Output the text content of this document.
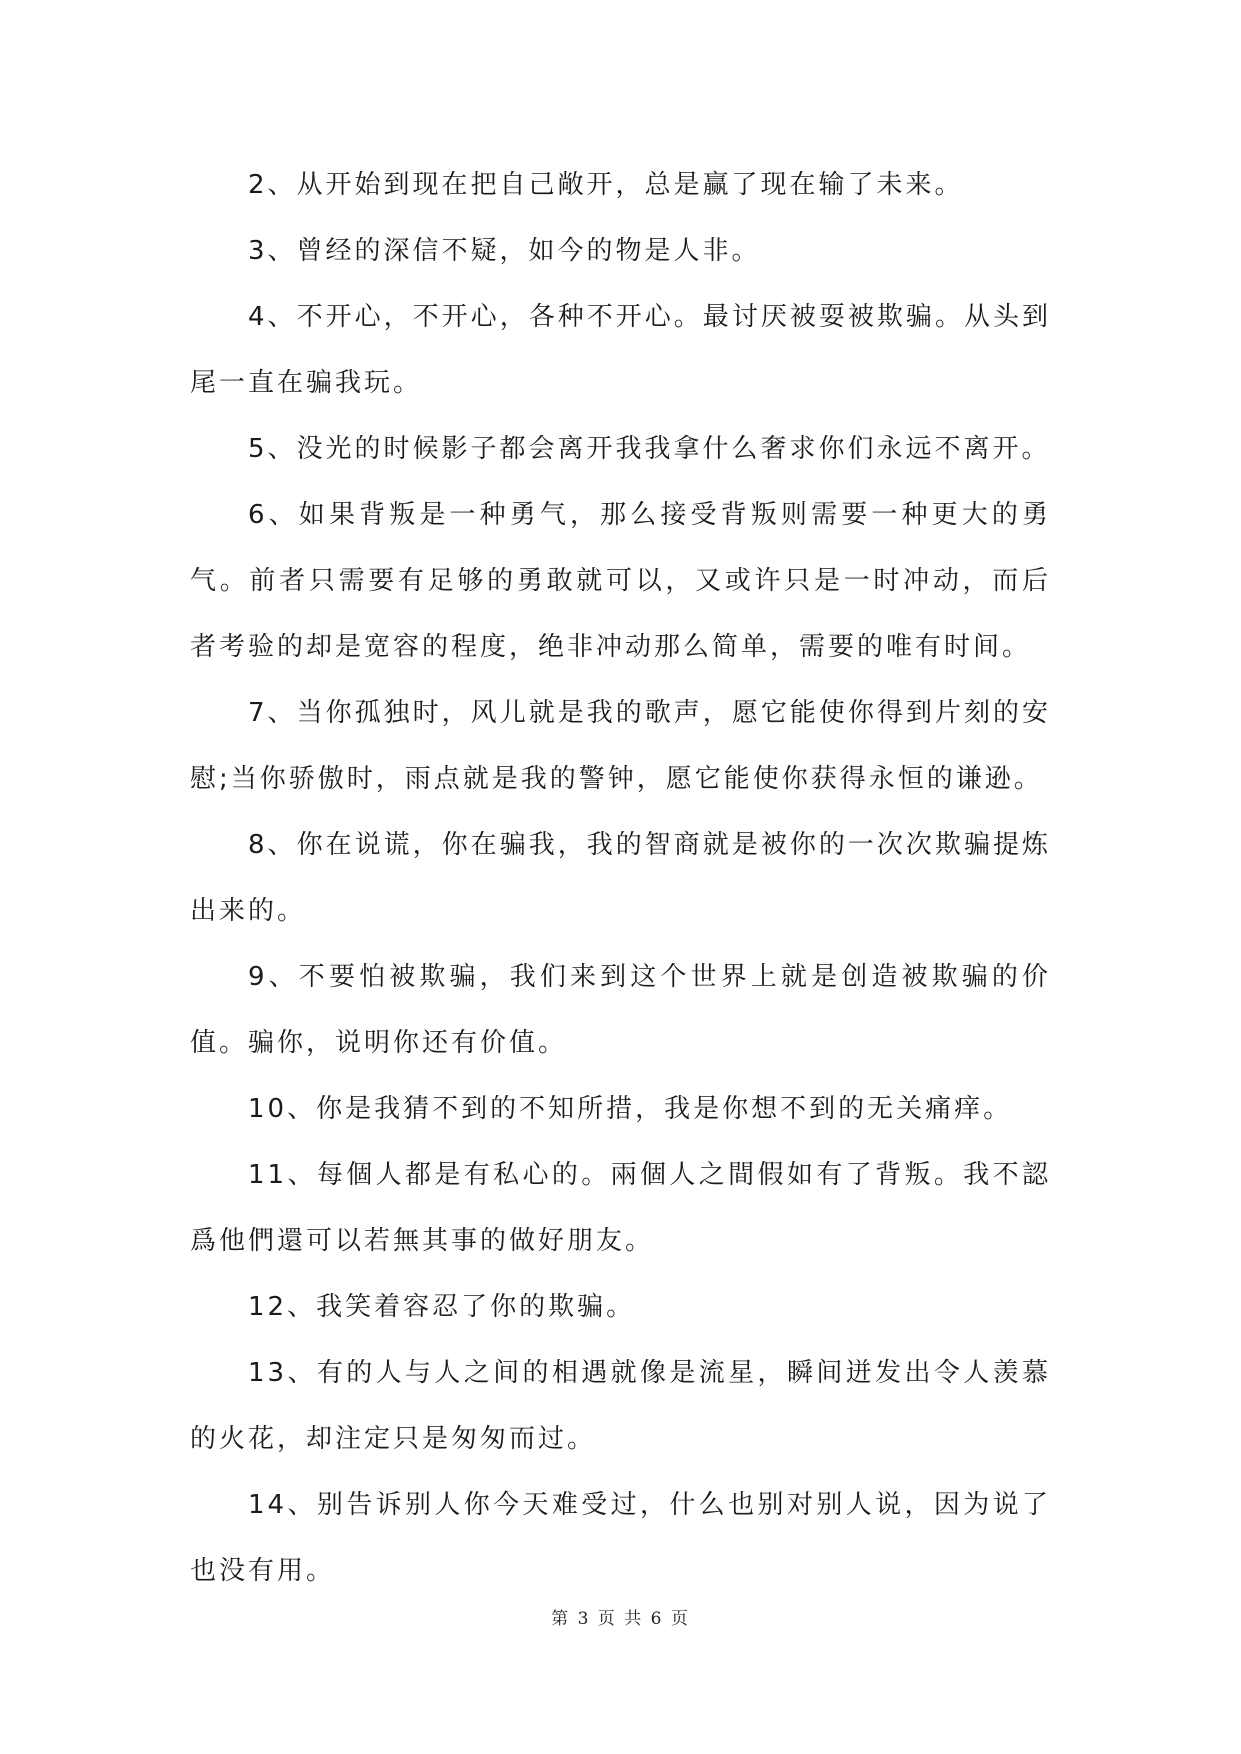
2、从开始到现在把自己敞开，总是赢了现在输了未来。

3、曾经的深信不疑，如今的物是人非。

4、不开心，不开心，各种不开心。最讨厌被耍被欺骗。从头到尾一直在骗我玩。

5、没光的时候影子都会离开我我拿什么奢求你们永远不离开。

6、如果背叛是一种勇气，那么接受背叛则需要一种更大的勇气。前者只需要有足够的勇敢就可以，又或许只是一时冲动，而后者考验的却是宽容的程度，绝非冲动那么简单，需要的唯有时间。

7、当你孤独时，风儿就是我的歌声，愿它能使你得到片刻的安慰;当你骄傲时，雨点就是我的警钟，愿它能使你获得永恒的谦逊。

8、你在说谎，你在骗我，我的智商就是被你的一次次欺骗提炼出来的。

9、不要怕被欺骗，我们来到这个世界上就是创造被欺骗的价值。骗你，说明你还有价值。

10、你是我猜不到的不知所措，我是你想不到的无关痛痒。

11、每個人都是有私心的。兩個人之間假如有了背叛。我不認爲他們還可以若無其事的做好朋友。

12、我笑着容忍了你的欺骗。

13、有的人与人之间的相遇就像是流星，瞬间迸发出令人羡慕的火花，却注定只是匆匆而过。

14、别告诉别人你今天难受过，什么也别对别人说，因为说了也没有用。

第 3 页 共 6 页
